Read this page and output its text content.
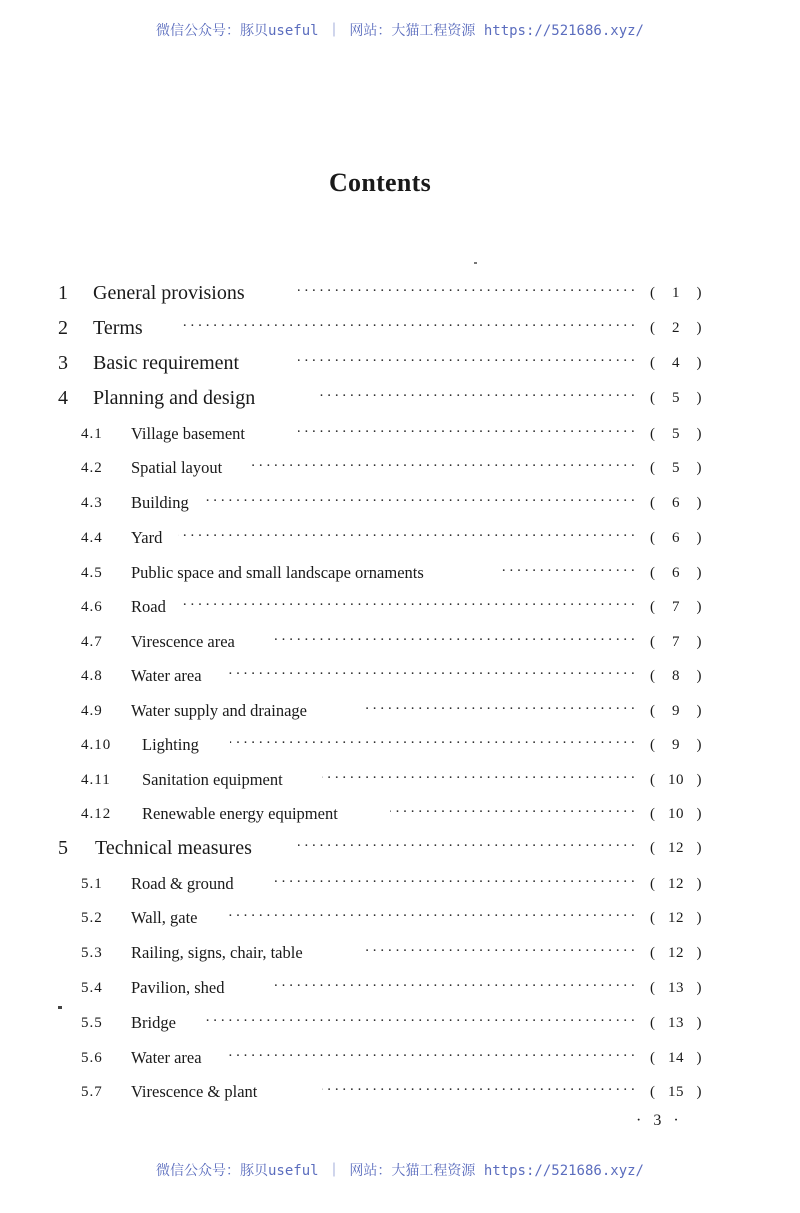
微信公众号：豚贝useful ｜ 网站：大猫工程资源 https://521686.xyz/
Contents
1 General provisions ·····	( 1 )
2 Terms ·····	( 2 )
3 Basic requirement ·····	( 4 )
4 Planning and design ·····	( 5 )
4.1 Village basement ·····	( 5 )
4.2 Spatial layout ·····	( 5 )
4.3 Building ·····	( 6 )
4.4 Yard ·····	( 6 )
4.5 Public space and small landscape ornaments ·····	( 6 )
4.6 Road ·····	( 7 )
4.7 Virescence area ·····	( 7 )
4.8 Water area ·····	( 8 )
4.9 Water supply and drainage ·····	( 9 )
4.10 Lighting ·····	( 9 )
4.11 Sanitation equipment ·····	( 10 )
4.12 Renewable energy equipment ·····	( 10 )
5 Technical measures ·····	( 12 )
5.1 Road & ground ·····	( 12 )
5.2 Wall, gate ·····	( 12 )
5.3 Railing, signs, chair, table ·····	( 12 )
5.4 Pavilion, shed ·····	( 13 )
5.5 Bridge ·····	( 13 )
5.6 Water area ·····	( 14 )
5.7 Virescence & plant ·····	( 15 )
· 3 ·
微信公众号：豚贝useful ｜ 网站：大猫工程资源 https://521686.xyz/
